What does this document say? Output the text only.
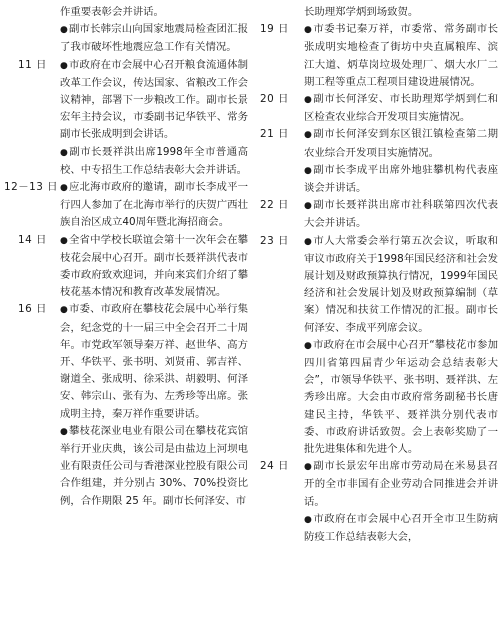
作重要表彰会并讲话。

●副市长韩宗山向国家地震局检查团汇报了我市破坏性地震应急工作有关情况。

11 日	●市政府在市会展中心召开粮食流通体制改革工作会议，传达国家、省粮改工作会议精神，部署下一步粮改工作。副市长景宏年主持会议，市委副书记华铁平、常务副市长张成明到会讲话。

●副市长聂祥洪出席1998年全市普通高校、中专招生工作总结表彰大会并讲话。

12－13 日 ●应北海市政府的邀请，副市长李成平一行四人参加了在北海市举行的庆贺广西壮族自治区成立40周年暨北海招商会。

14 日	●全省中学校长联谊会第十一次年会在攀枝花会展中心召开。副市长聂祥洪代表市委市政府致欢迎词，并向来宾们介绍了攀枝花基本情况和教育改革发展情况。

16 日	●市委、市政府在攀枝花会展中心举行集会，纪念党的十一届三中全会召开二十周年。市党政军领导秦万祥、赵世华、高方开、华铁平、张书明、刘贤甫、郭吉祥、谢道全、张成明、徐采洪、胡毅明、何泽安、韩宗山、张有为、左秀珍等出席。张成明主持，秦万祥作重要讲话。

●攀枝花深业电业有限公司在攀枝花宾馆举行开业庆典，该公司是由盐边上河坝电业有限责任公司与香港深业控股有限公司合作组建，并分别占 30%、70%投资比例，合作期限 25 年。副市长何泽安、市

长助理郑学炳到场致贺。

19 日	●市委书记秦万祥，市委常、常务副市长张成明实地检查了街坊中央直属粮库、滨江大道、炳草岗垃圾处理厂、烟大水厂二期工程等重点工程项目建设进展情况。

20 日	●副市长何泽安、市长助理郑学炳到仁和区检查农业综合开发项目实施情况。

21 日	●副市长何泽安到东区银江镇检查第二期农业综合开发项目实施情况。

●副市长李成平出席外地驻攀机构代表座谈会并讲话。

22 日	●副市长聂祥洪出席市社科联第四次代表大会并讲话。

23 日	●市人大常委会举行第五次会议，听取和审议市政府关于1998年国民经济和社会发展计划及财政预算执行情况，1999年国民经济和社会发展计划及财政预算编制（草案）情况和扶贫工作情况的汇报。副市长何泽安、李成平列席会议。

●市政府在市会展中心召开“攀枝花市参加四川省第四届青少年运动会总结表彰大会”，市领导华铁平、张书明、聂祥洪、左秀珍出席。大会由市政府常务副秘书长唐建民主持，华铁平、聂祥洪分别代表市委、市政府讲话致贺。会上表彰奖励了一批先进集体和先进个人。

24 日	●副市长景宏年出席市劳动局在米易县召开的全市非国有企业劳动合同推进会并讲话。

●市政府在市会展中心召开全市卫生防病防疫工作总结表彰大会，
